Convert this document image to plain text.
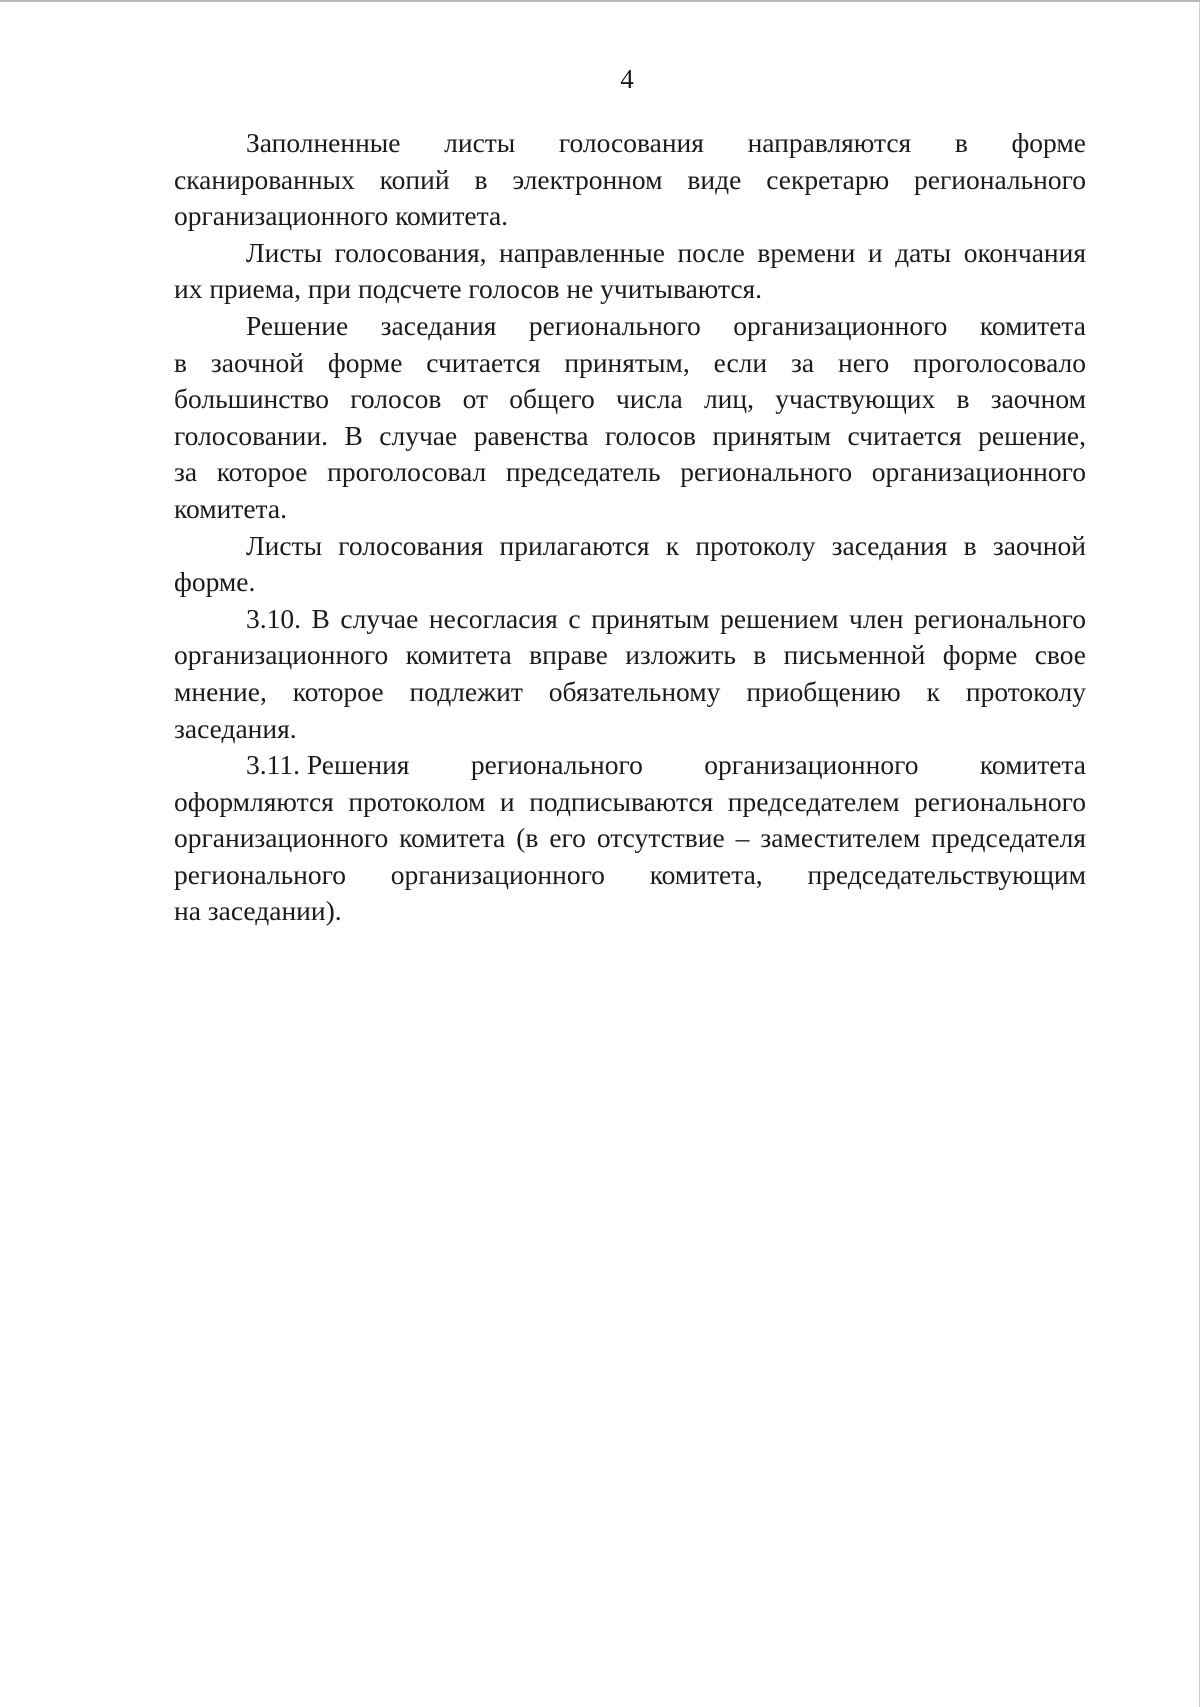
4
Заполненные листы голосования направляются в форме
сканированных копий в электронном виде секретарю регионального
организационного комитета.
Листы голосования, направленные после времени и даты окончания
их приема, при подсчете голосов не учитываются.
Решение заседания регионального организационного комитета
в заочной форме считается принятым, если за него проголосовало
большинство голосов от общего числа лиц, участвующих в заочном
голосовании. В случае равенства голосов принятым считается решение,
за которое проголосовал председатель регионального организационного
комитета.
Листы голосования прилагаются к протоколу заседания в заочной
форме.
3.10. В случае несогласия с принятым решением член регионального
организационного комитета вправе изложить в письменной форме свое
мнение, которое подлежит обязательному приобщению к протоколу
заседания.
3.11. Решения регионального организационного комитета
оформляются протоколом и подписываются председателем регионального
организационного комитета (в его отсутствие – заместителем председателя
регионального организационного комитета, председательствующим
на заседании).
